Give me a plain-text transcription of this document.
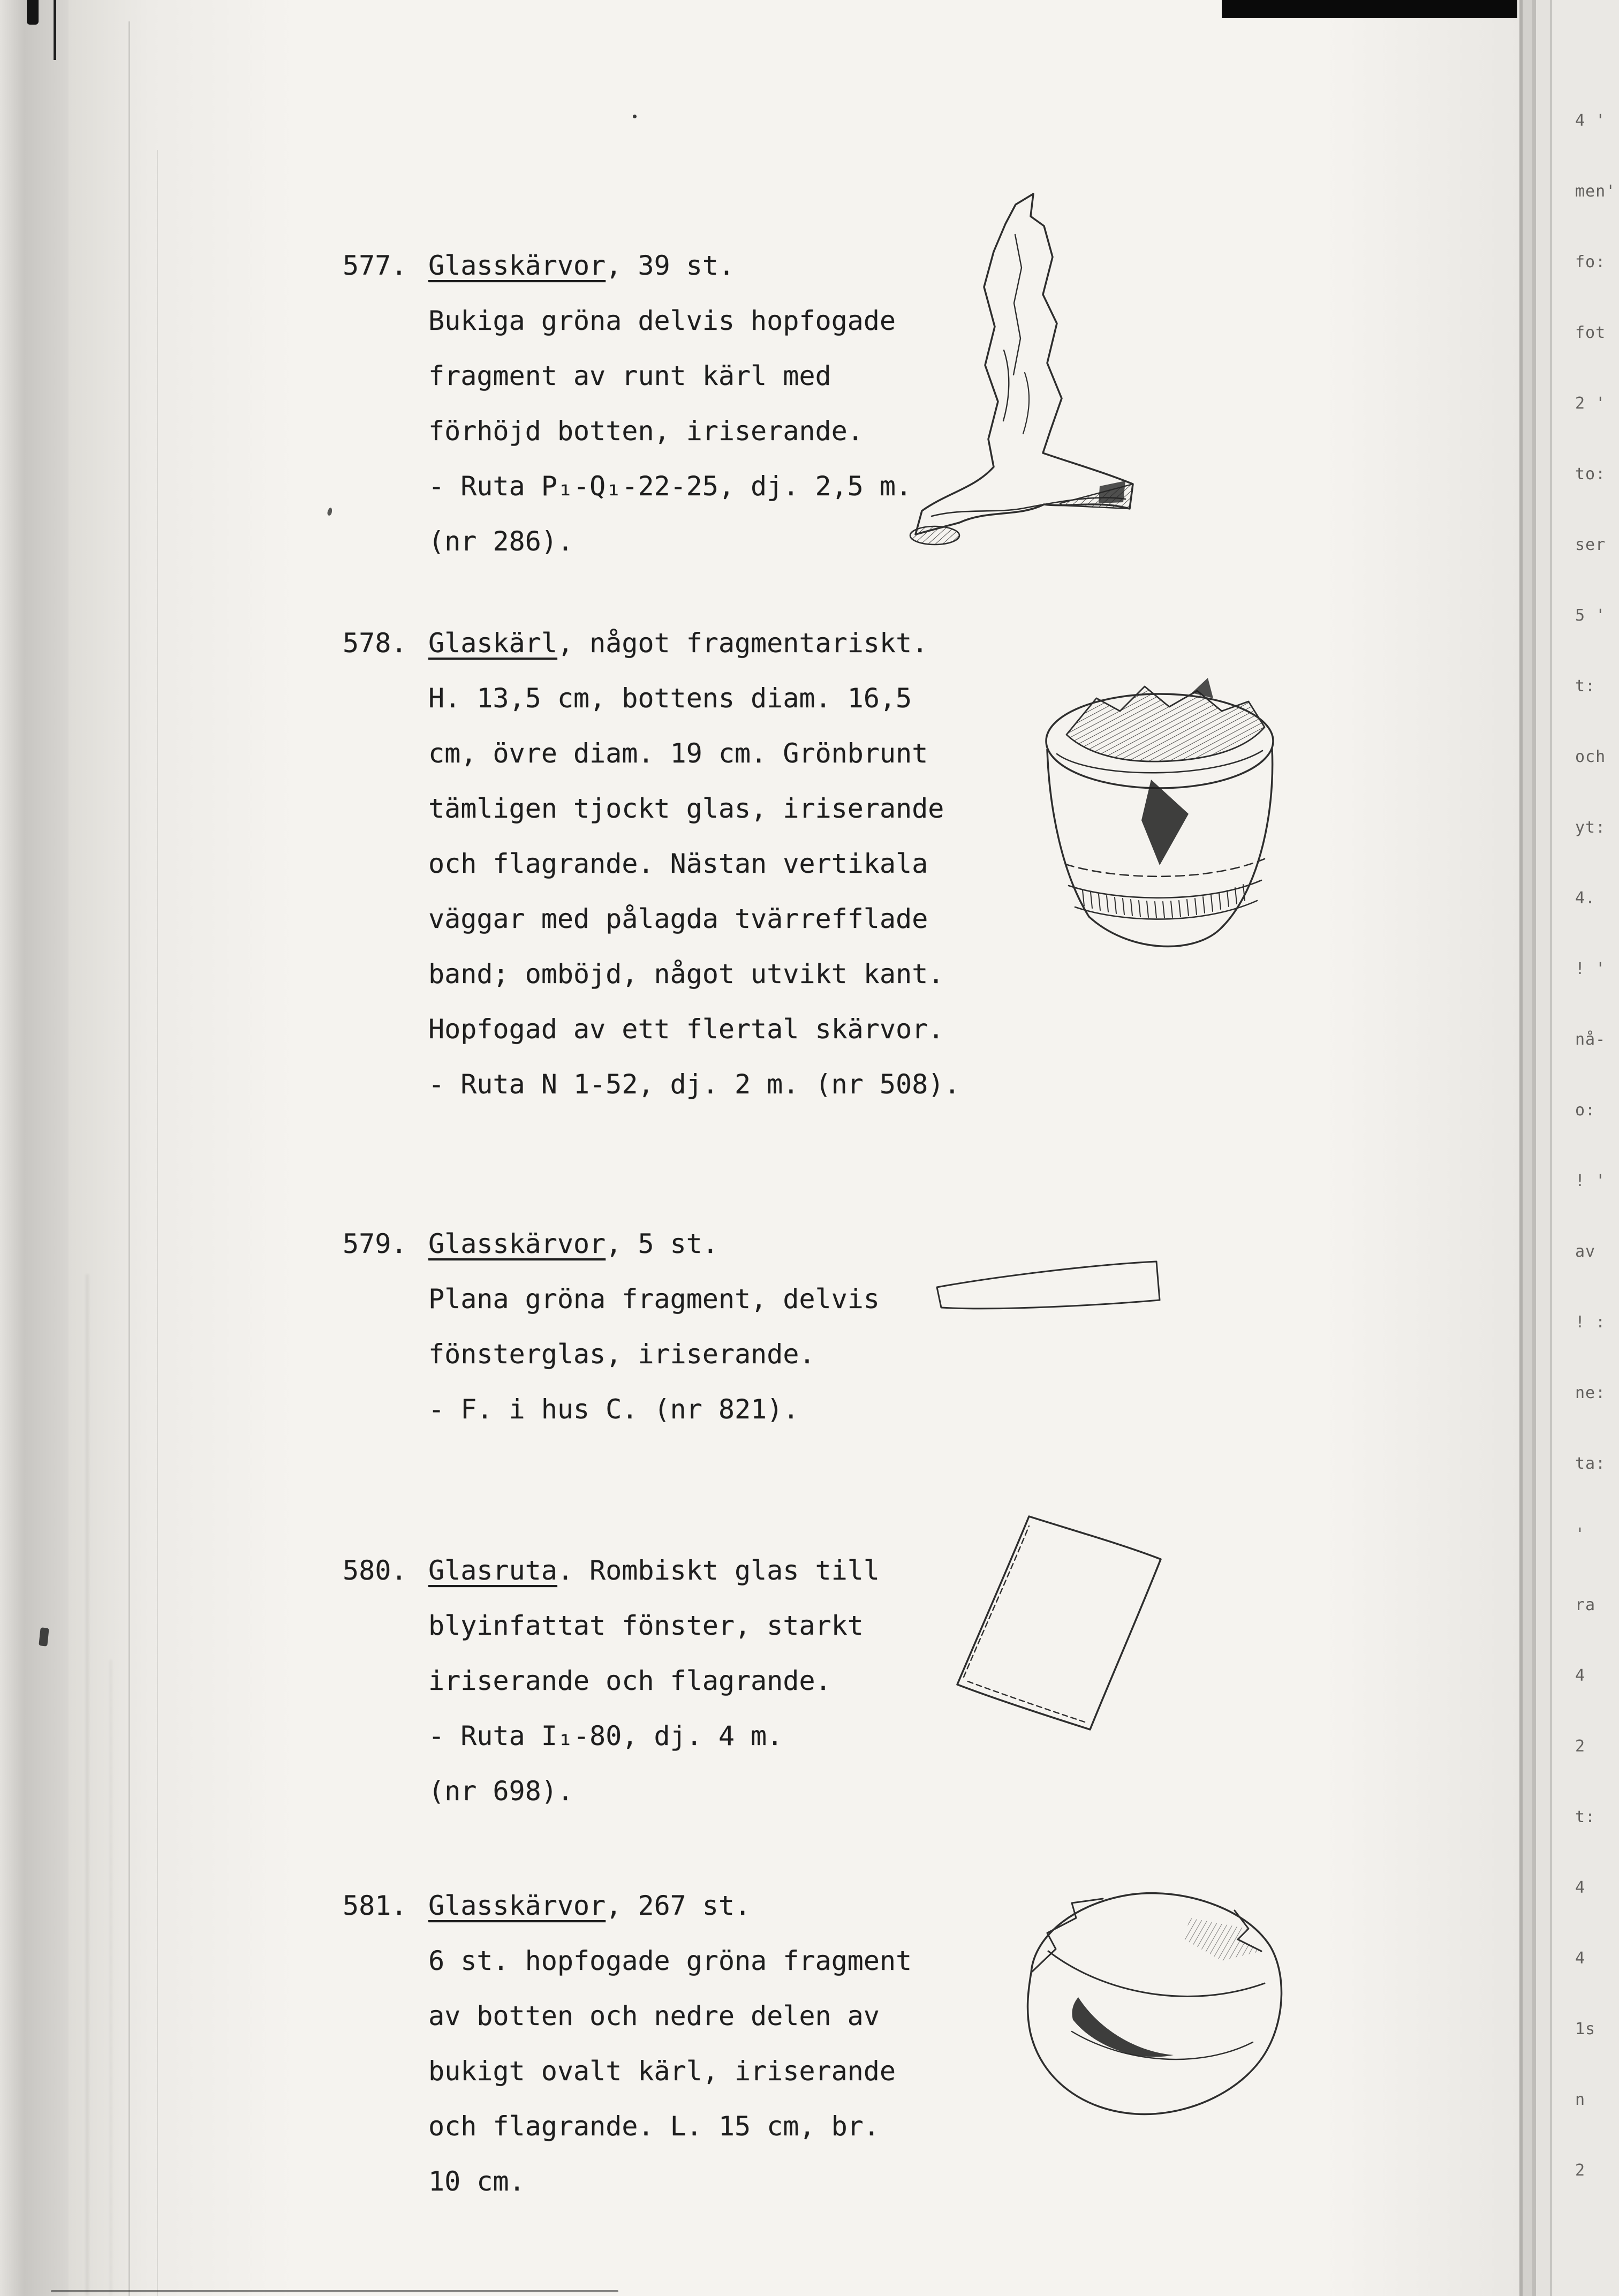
577. Glasskärvor, 39 st.
Bukiga gröna delvis hopfogade
fragment av runt kärl med
förhöjd botten, iriserande.
- Ruta P₁-Q₁-22-25, dj. 2,5 m.
(nr 286).
578. Glaskärl, något fragmentariskt.
H. 13,5 cm, bottens diam. 16,5
cm, övre diam. 19 cm. Grönbrunt
tämligen tjockt glas, iriserande
och flagrande. Nästan vertikala
väggar med pålagda tvärrefflade
band; omböjd, något utvikt kant.
Hopfogad av ett flertal skärvor.
- Ruta N 1-52, dj. 2 m. (nr 508).
579. Glasskärvor, 5 st.
Plana gröna fragment, delvis
fönsterglas, iriserande.
- F. i hus C. (nr 821).
580. Glasruta. Rombiskt glas till
blyinfattat fönster, starkt
iriserande och flagrande.
- Ruta I₁-80, dj. 4 m.
(nr 698).
581. Glasskärvor, 267 st.
6 st. hopfogade gröna fragment
av botten och nedre delen av
bukigt ovalt kärl, iriserande
och flagrande. L. 15 cm, br.
10 cm.
4 '
men'
fo:
fot
2 '
to:
ser
5 '
t:
och
yt:
4.
! '
nå-
o:
! '
av
! :
ne:
ta:
'
ra
4
2
t:
4
4
1s
n
2
